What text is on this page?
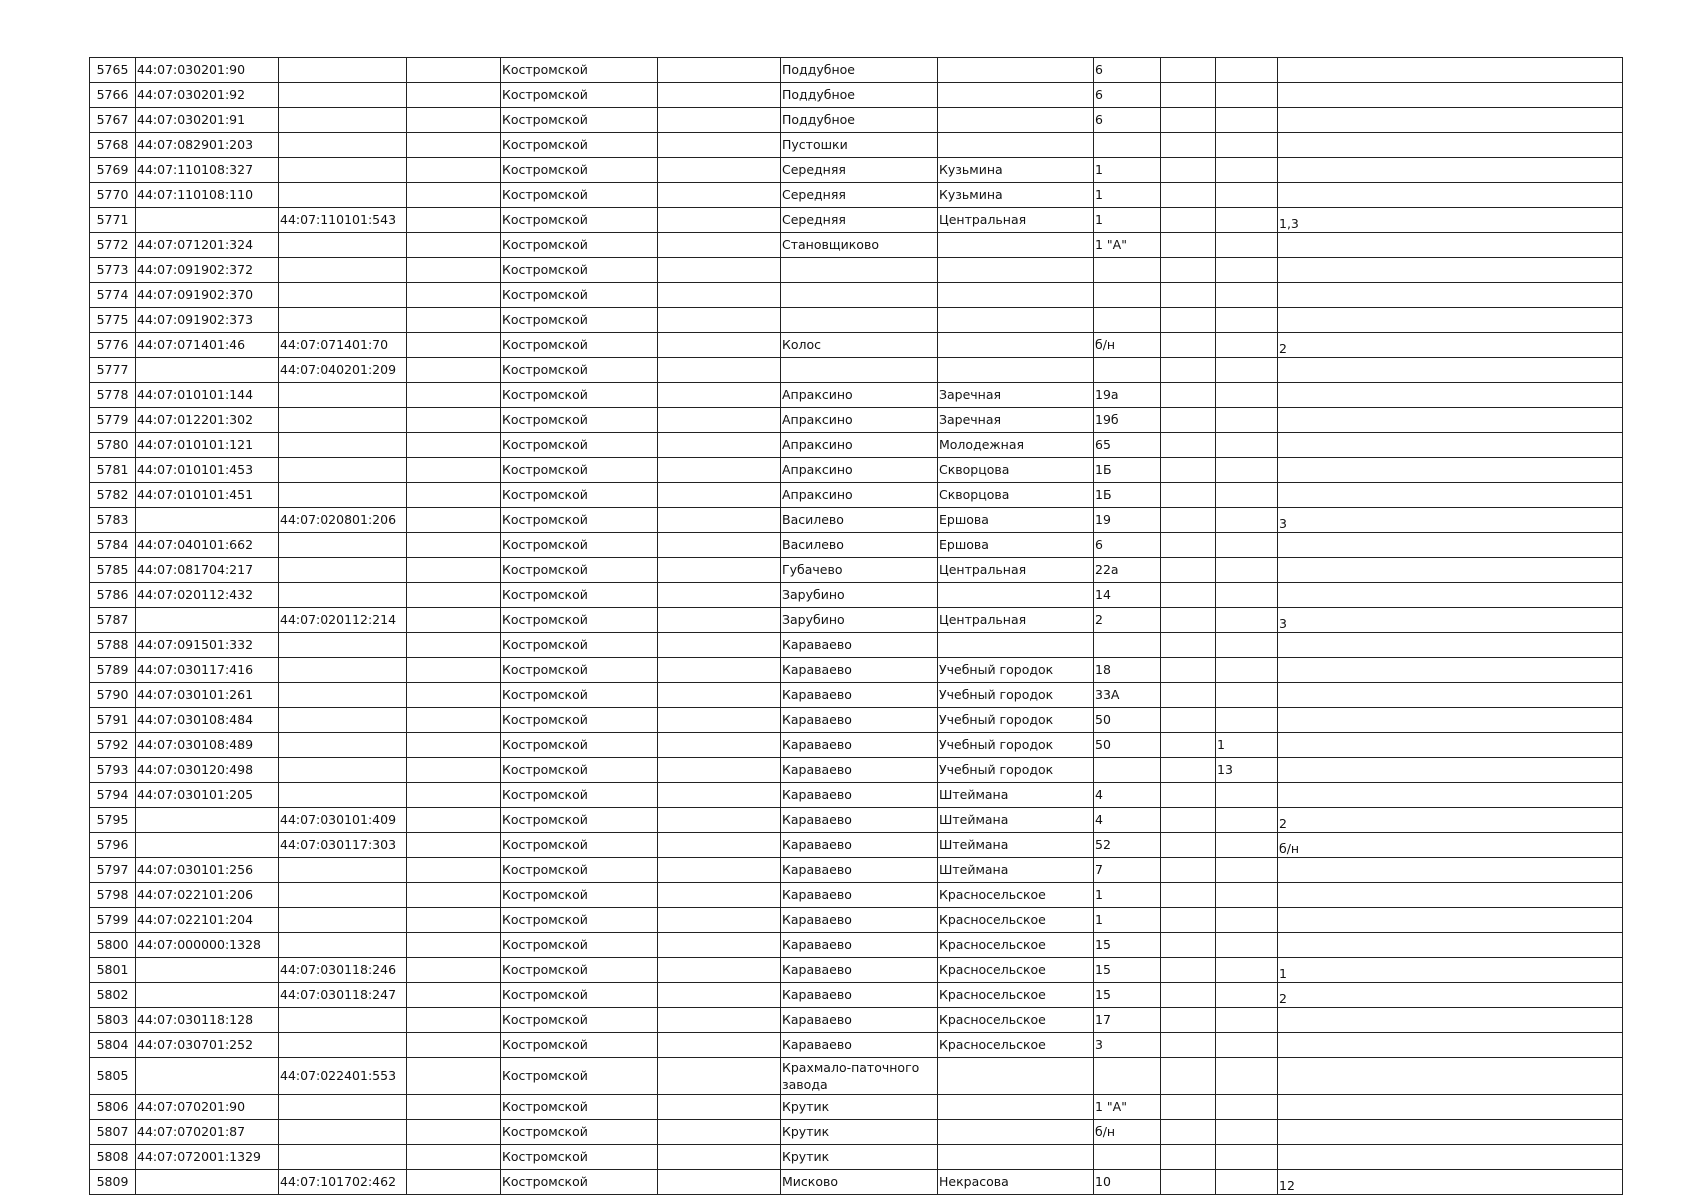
5765	44:07:030201:90			Костромской		Поддубное		6			
5766	44:07:030201:92			Костромской		Поддубное		6			
5767	44:07:030201:91			Костромской		Поддубное		6			
5768	44:07:082901:203			Костромской		Пустошки					
5769	44:07:110108:327			Костромской		Середняя	Кузьмина	1			
5770	44:07:110108:110			Костромской		Середняя	Кузьмина	1			
5771		44:07:110101:543		Костромской		Середняя	Центральная	1			1,3
5772	44:07:071201:324			Костромской		Становщиково		1 "А"			
5773	44:07:091902:372			Костромской							
5774	44:07:091902:370			Костромской							
5775	44:07:091902:373			Костромской							
5776	44:07:071401:46	44:07:071401:70		Костромской		Колос		б/н			2
5777		44:07:040201:209		Костромской							
5778	44:07:010101:144			Костромской		Апраксино	Заречная	19а			
5779	44:07:012201:302			Костромской		Апраксино	Заречная	19б			
5780	44:07:010101:121			Костромской		Апраксино	Молодежная	65			
5781	44:07:010101:453			Костромской		Апраксино	Скворцова	1Б			
5782	44:07:010101:451			Костромской		Апраксино	Скворцова	1Б			
5783		44:07:020801:206		Костромской		Василево	Ершова	19			3
5784	44:07:040101:662			Костромской		Василево	Ершова	6			
5785	44:07:081704:217			Костромской		Губачево	Центральная	22а			
5786	44:07:020112:432			Костромской		Зарубино		14			
5787		44:07:020112:214		Костромской		Зарубино	Центральная	2			3
5788	44:07:091501:332			Костромской		Караваево					
5789	44:07:030117:416			Костромской		Караваево	Учебный городок	18			
5790	44:07:030101:261			Костромской		Караваево	Учебный городок	33А			
5791	44:07:030108:484			Костромской		Караваево	Учебный городок	50			
5792	44:07:030108:489			Костромской		Караваево	Учебный городок	50		1	
5793	44:07:030120:498			Костромской		Караваево	Учебный городок			13	
5794	44:07:030101:205			Костромской		Караваево	Штеймана	4			
5795		44:07:030101:409		Костромской		Караваево	Штеймана	4			2
5796		44:07:030117:303		Костромской		Караваево	Штеймана	52			б/н
5797	44:07:030101:256			Костромской		Караваево	Штеймана	7			
5798	44:07:022101:206			Костромской		Караваево	Красносельское	1			
5799	44:07:022101:204			Костромской		Караваево	Красносельское	1			
5800	44:07:000000:1328			Костромской		Караваево	Красносельское	15			
5801		44:07:030118:246		Костромской		Караваево	Красносельское	15			1
5802		44:07:030118:247		Костромской		Караваево	Красносельское	15			2
5803	44:07:030118:128			Костромской		Караваево	Красносельское	17			
5804	44:07:030701:252			Костромской		Караваево	Красносельское	3			
5805		44:07:022401:553		Костромской		Крахмало-паточного завода					
5806	44:07:070201:90			Костромской		Крутик		1 "А"			
5807	44:07:070201:87			Костромской		Крутик		б/н			
5808	44:07:072001:1329			Костромской		Крутик					
5809		44:07:101702:462		Костромской		Мисково	Некрасова	10			12
